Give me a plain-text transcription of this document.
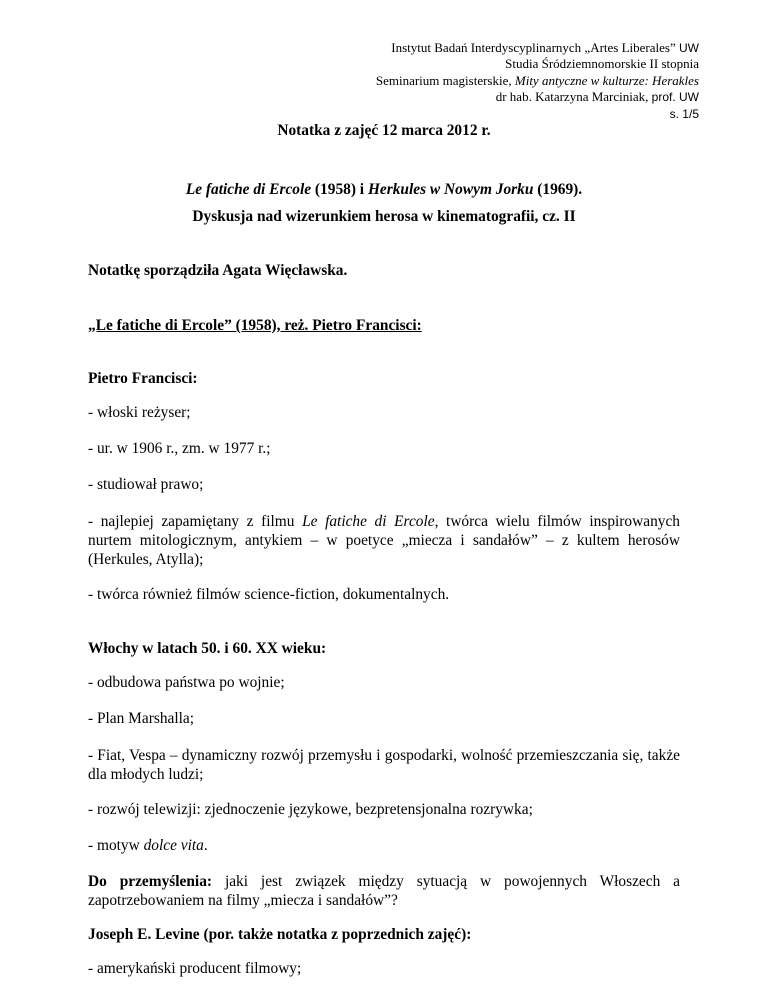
Instytut Badań Interdyscyplinarnych „Artes Liberales” UW
Studia Śródziemnomorskie II stopnia
Seminarium magisterskie, Mity antyczne w kulturze: Herakles
dr hab. Katarzyna Marciniak, prof. UW
s. 1/5
Notatka z zajęć 12 marca 2012 r.
Le fatiche di Ercole (1958) i Herkules w Nowym Jorku (1969).
Dyskusja nad wizerunkiem herosa w kinematografii, cz. II
Notatkę sporządziła Agata Więcławska.
„Le fatiche di Ercole” (1958), reż. Pietro Francisci:
Pietro Francisci:
- włoski reżyser;
- ur. w 1906 r., zm. w 1977 r.;
- studiował prawo;
- najlepiej zapamiętany z filmu Le fatiche di Ercole, twórca wielu filmów inspirowanych nurtem mitologicznym, antykiem – w poetyce „miecza i sandałów” – z kultem herosów (Herkules, Atylla);
- twórca również filmów science-fiction, dokumentalnych.
Włochy w latach 50. i 60. XX wieku:
- odbudowa państwa po wojnie;
- Plan Marshalla;
- Fiat, Vespa – dynamiczny rozwój przemysłu i gospodarki, wolność przemieszczania się, także dla młodych ludzi;
- rozwój telewizji: zjednoczenie językowe, bezpretensjonalna rozrywka;
- motyw dolce vita.
Do przemyślenia: jaki jest związek między sytuacją w powojennych Włoszech a zapotrzebowaniem na filmy „miecza i sandałów”?
Joseph E. Levine (por. także notatka z poprzednich zajęć):
- amerykański producent filmowy;
